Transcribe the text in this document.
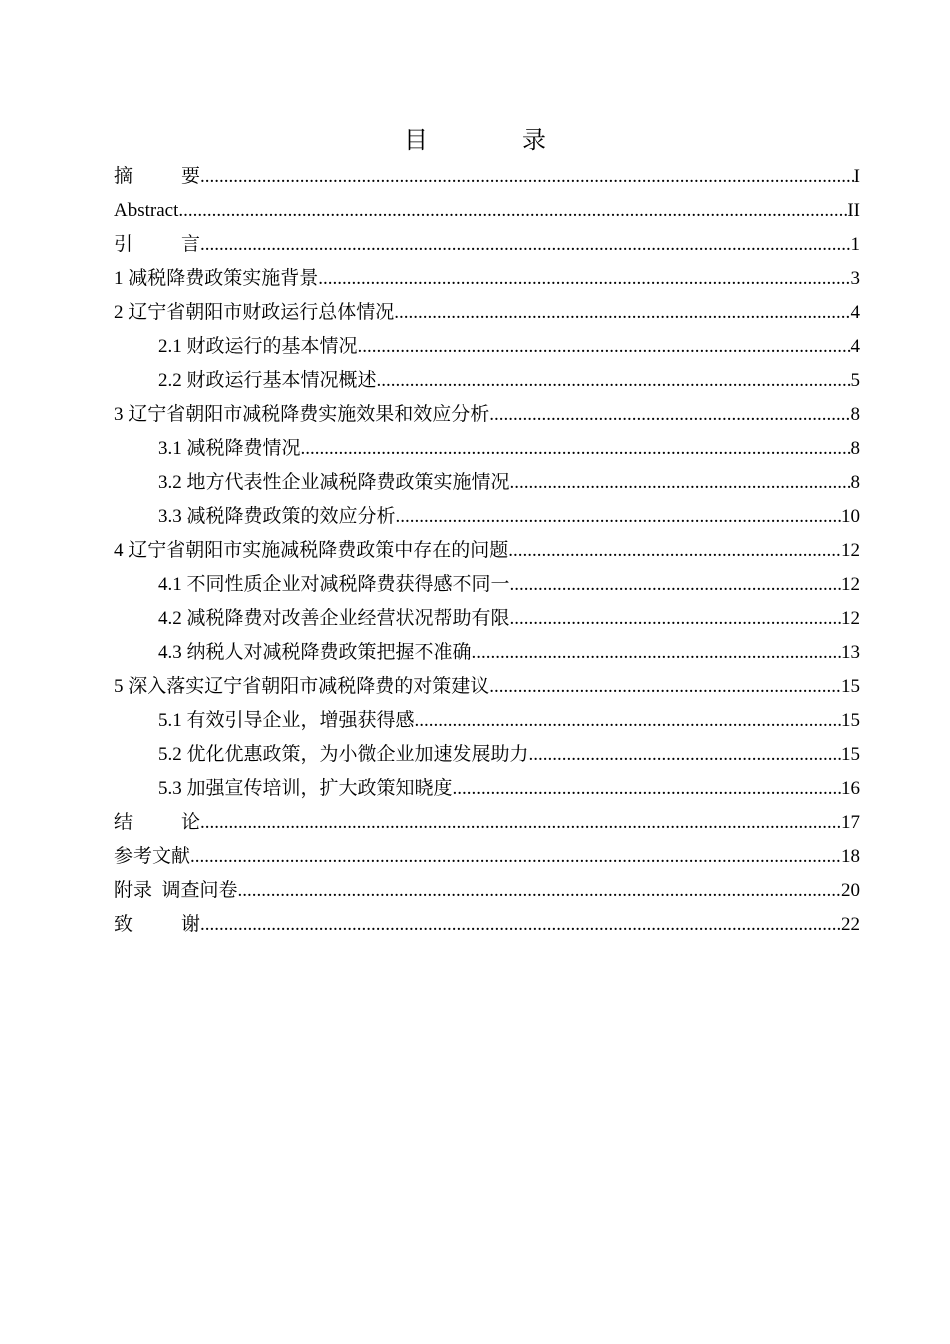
目 录
摘	要 .....	I
Abstract .....	II
引	言 .....	1
1 减税降费政策实施背景 .....	3
2 辽宁省朝阳市财政运行总体情况 .....	4
2.1 财政运行的基本情况 .....	4
2.2 财政运行基本情况概述 .....	5
3 辽宁省朝阳市减税降费实施效果和效应分析 .....	8
3.1 减税降费情况 .....	8
3.2 地方代表性企业减税降费政策实施情况 .....	8
3.3 减税降费政策的效应分析 .....	10
4 辽宁省朝阳市实施减税降费政策中存在的问题 .....	12
4.1 不同性质企业对减税降费获得感不同一 .....	12
4.2 减税降费对改善企业经营状况帮助有限 .....	12
4.3 纳税人对减税降费政策把握不准确 .....	13
5 深入落实辽宁省朝阳市减税降费的对策建议 .....	15
5.1 有效引导企业，增强获得感 .....	15
5.2 优化优惠政策，为小微企业加速发展助力 .....	15
5.3 加强宣传培训，扩大政策知晓度 .....	16
结	论 .....	17
参考文献 .....	18
附录  调查问卷 .....	20
致	谢 .....	22
